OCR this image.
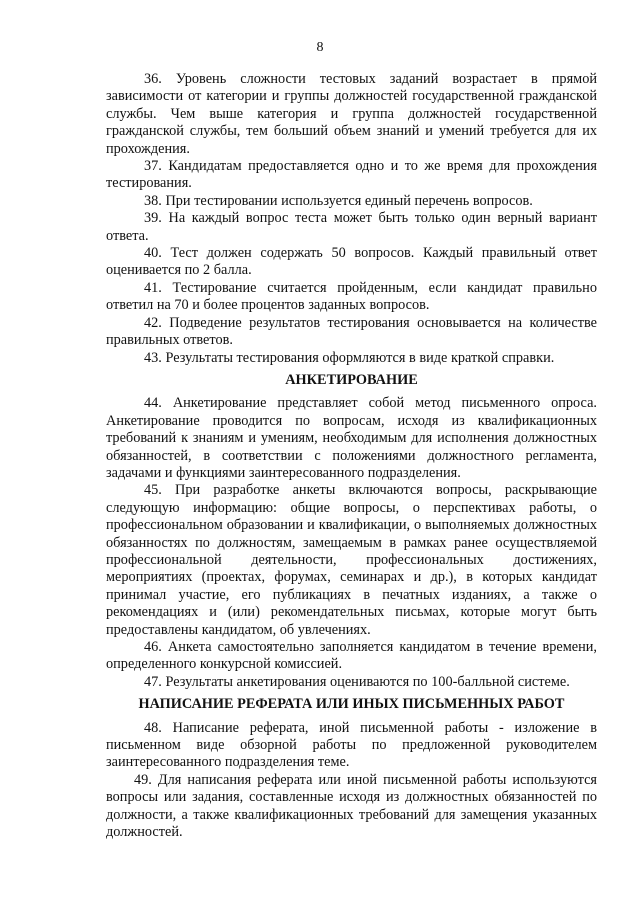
8

36. Уровень сложности тестовых заданий возрастает в прямой зависимости от категории и группы должностей государственной гражданской службы. Чем выше категория и группа должностей государственной гражданской службы, тем больший объем знаний и умений требуется для их прохождения.

37. Кандидатам предоставляется одно и то же время для прохождения тестирования.

38. При тестировании используется единый перечень вопросов.

39. На каждый вопрос теста может быть только один верный вариант ответа.

40. Тест должен содержать 50 вопросов. Каждый правильный ответ оценивается по 2 балла.

41. Тестирование считается пройденным, если кандидат правильно ответил на 70 и более процентов заданных вопросов.

42. Подведение результатов тестирования основывается на количестве правильных ответов.

43. Результаты тестирования оформляются в виде краткой справки.

АНКЕТИРОВАНИЕ

44. Анкетирование представляет собой метод письменного опроса. Анкетирование проводится по вопросам, исходя из квалификационных требований к знаниям и умениям, необходимым для исполнения должностных обязанностей, в соответствии с положениями должностного регламента, задачами и функциями заинтересованного подразделения.

45. При разработке анкеты включаются вопросы, раскрывающие следующую информацию: общие вопросы, о перспективах работы, о профессиональном образовании и квалификации, о выполняемых должностных обязанностях по должностям, замещаемым в рамках ранее осуществляемой профессиональной деятельности, профессиональных достижениях, мероприятиях (проектах, форумах, семинарах и др.), в которых кандидат принимал участие, его публикациях в печатных изданиях, а также о рекомендациях и (или) рекомендательных письмах, которые могут быть предоставлены кандидатом, об увлечениях.

46. Анкета самостоятельно заполняется кандидатом в течение времени, определенного конкурсной комиссией.

47. Результаты анкетирования оцениваются по 100-балльной системе.

НАПИСАНИЕ РЕФЕРАТА ИЛИ ИНЫХ ПИСЬМЕННЫХ РАБОТ

48. Написание реферата, иной письменной работы - изложение в письменном виде обзорной работы по предложенной руководителем заинтересованного подразделения теме.

49. Для написания реферата или иной письменной работы используются вопросы или задания, составленные исходя из должностных обязанностей по должности, а также квалификационных требований для замещения указанных должностей.
